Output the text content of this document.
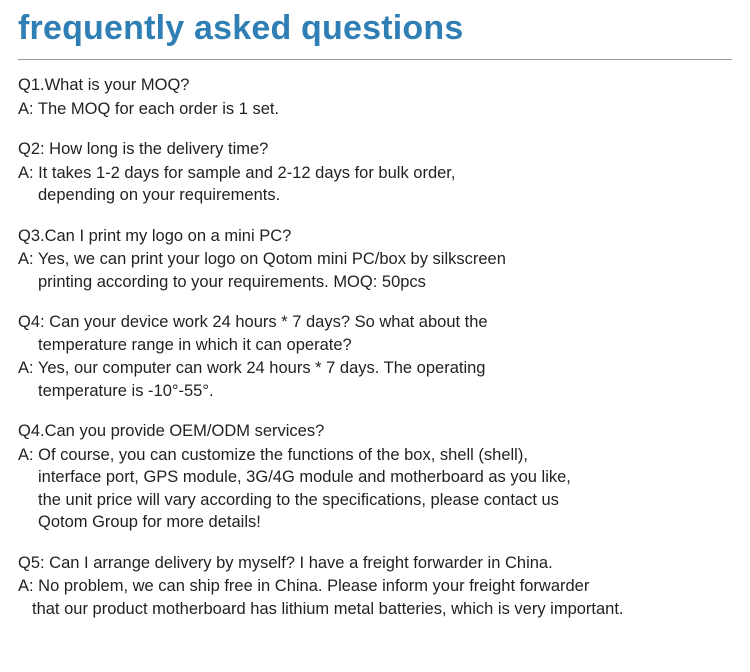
frequently asked questions
Q1.What is your MOQ?
A: The MOQ for each order is 1 set.
Q2: How long is the delivery time?
A: It takes 1-2 days for sample and 2-12 days for bulk order,
depending on your requirements.
Q3.Can I print my logo on a mini PC?
A: Yes, we can print your logo on Qotom mini PC/box by silkscreen
printing according to your requirements. MOQ: 50pcs
Q4: Can your device work 24 hours * 7 days? So what about the
temperature range in which it can operate?
A: Yes, our computer can work 24 hours * 7 days. The operating
temperature is -10°-55°.
Q4.Can you provide OEM/ODM services?
A: Of course, you can customize the functions of the box, shell (shell),
interface port, GPS module, 3G/4G module and motherboard as you like,
the unit price will vary according to the specifications, please contact us
Qotom Group for more details!
Q5: Can I arrange delivery by myself? I have a freight forwarder in China.
A: No problem, we can ship free in China. Please inform your freight forwarder
that our product motherboard has lithium metal batteries, which is very important.
